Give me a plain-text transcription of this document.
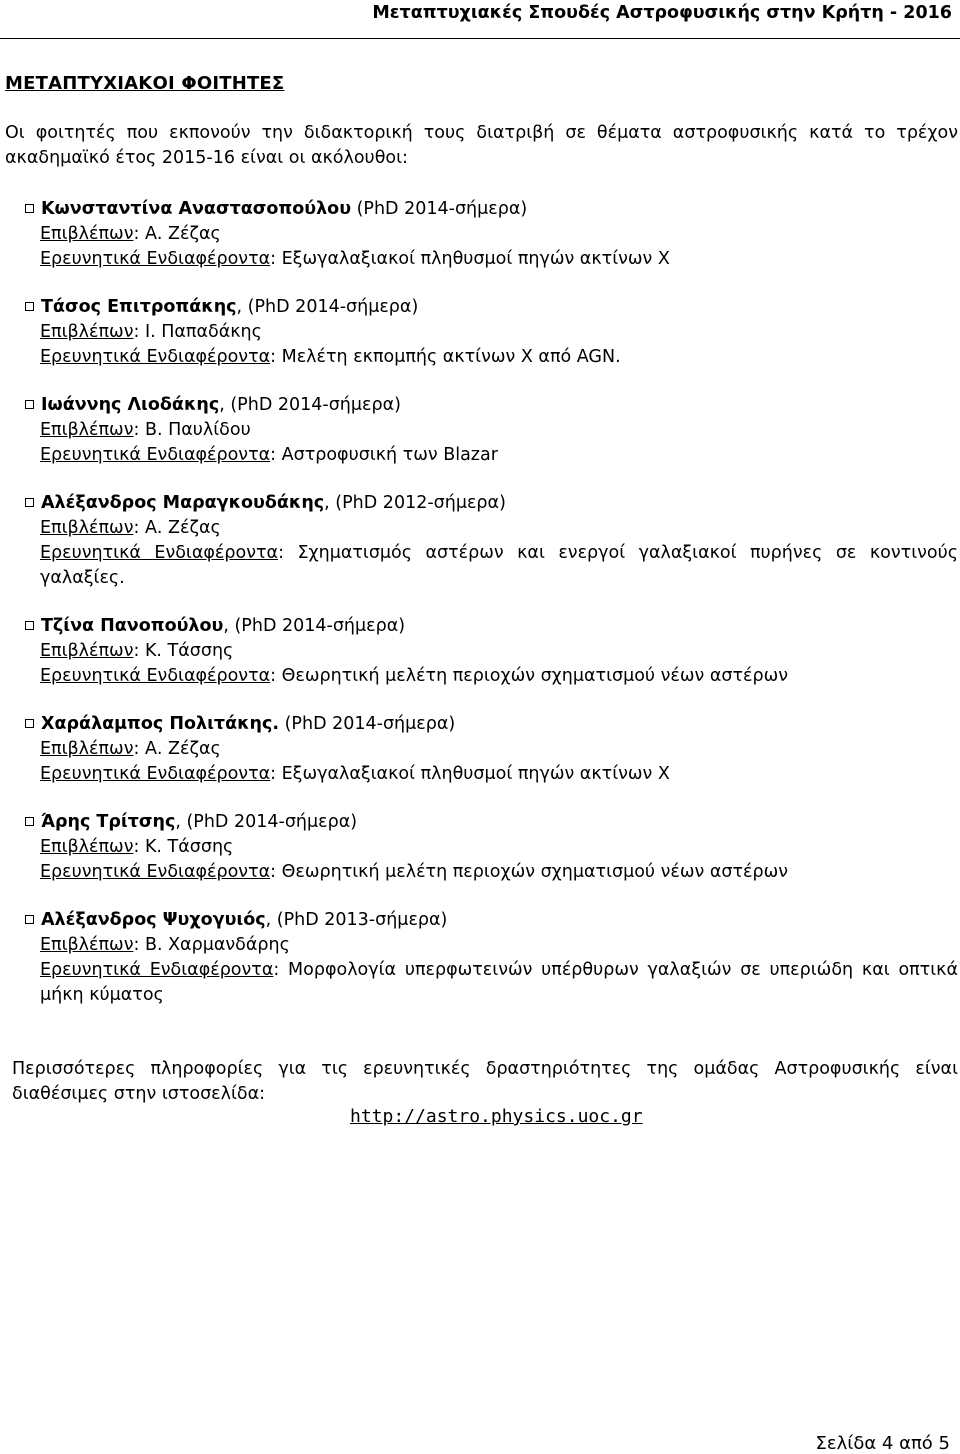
Μεταπτυχιακές Σπουδές Αστροφυσικής στην Κρήτη - 2016
ΜΕΤΑΠΤΥΧΙΑΚΟΙ ΦΟΙΤΗΤΕΣ
Οι φοιτητές που εκπονούν την διδακτορική τους διατριβή σε θέματα αστροφυσικής κατά το τρέχον ακαδημαϊκό έτος 2015-16 είναι οι ακόλουθοι:
Κωνσταντίνα Αναστασοπούλου (PhD 2014-σήμερα)
Επιβλέπων: Α. Ζέζας
Ερευνητικά Ενδιαφέροντα: Εξωγαλαξιακοί πληθυσμοί πηγών ακτίνων Χ
Τάσος Επιτροπάκης, (PhD 2014-σήμερα)
Επιβλέπων: Ι. Παπαδάκης
Ερευνητικά Ενδιαφέροντα: Μελέτη εκπομπής ακτίνων Χ από AGN.
Ιωάννης Λιοδάκης, (PhD 2014-σήμερα)
Επιβλέπων: Β. Παυλίδου
Ερευνητικά Ενδιαφέροντα: Αστροφυσική των Blazar
Αλέξανδρος Μαραγκουδάκης, (PhD 2012-σήμερα)
Επιβλέπων: Α. Ζέζας
Ερευνητικά Ενδιαφέροντα: Σχηματισμός αστέρων και ενεργοί γαλαξιακοί πυρήνες σε κοντινούς γαλαξίες.
Τζίνα Πανοπούλου, (PhD 2014-σήμερα)
Επιβλέπων: Κ. Τάσσης
Ερευνητικά Ενδιαφέροντα: Θεωρητική μελέτη περιοχών σχηματισμού νέων αστέρων
Χαράλαμπος Πολιτάκης. (PhD 2014-σήμερα)
Επιβλέπων: Α. Ζέζας
Ερευνητικά Ενδιαφέροντα: Εξωγαλαξιακοί πληθυσμοί πηγών ακτίνων Χ
Άρης Τρίτσης, (PhD 2014-σήμερα)
Επιβλέπων: Κ. Τάσσης
Ερευνητικά Ενδιαφέροντα: Θεωρητική μελέτη περιοχών σχηματισμού νέων αστέρων
Αλέξανδρος Ψυχογυιός, (PhD 2013-σήμερα)
Επιβλέπων: Β. Χαρμανδάρης
Ερευνητικά Ενδιαφέροντα: Μορφολογία υπερφωτεινών υπέρθυρων γαλαξιών σε υπεριώδη και οπτικά μήκη κύματος
Περισσότερες πληροφορίες για τις ερευνητικές δραστηριότητες της ομάδας Αστροφυσικής είναι διαθέσιμες στην ιστοσελίδα:
http://astro.physics.uoc.gr
Σελίδα 4 από 5
